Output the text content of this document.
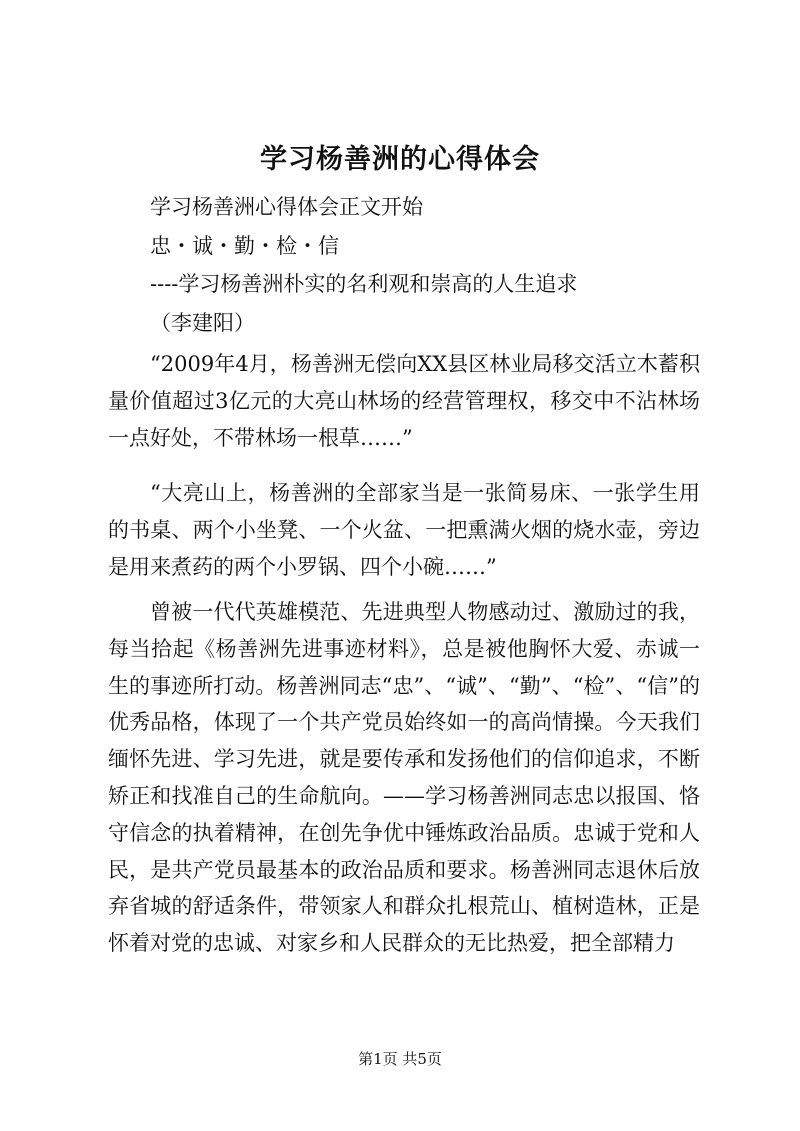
学习杨善洲的心得体会
学习杨善洲心得体会正文开始
忠・诚・勤・检・信
----学习杨善洲朴实的名利观和崇高的人生追求
（李建阳）
“2009年4月，杨善洲无偿向XX县区林业局移交活立木蓄积量价值超过3亿元的大亮山林场的经营管理权，移交中不沾林场一点好处，不带林场一根草……”
“大亮山上，杨善洲的全部家当是一张简易床、一张学生用的书桌、两个小坐凳、一个火盆、一把熏满火烟的烧水壶，旁边是用来煮药的两个小罗锅、四个小碗……”
曾被一代代英雄模范、先进典型人物感动过、激励过的我，每当拾起《杨善洲先进事迹材料》，总是被他胸怀大爱、赤诚一生的事迹所打动。杨善洲同志“忠”、“诚”、“勤”、“检”、“信”的优秀品格，体现了一个共产党员始终如一的高尚情操。今天我们缅怀先进、学习先进，就是要传承和发扬他们的信仰追求，不断矫正和找准自己的生命航向。——学习杨善洲同志忠以报国、恪守信念的执着精神，在创先争优中锤炼政治品质。忠诚于党和人民，是共产党员最基本的政治品质和要求。杨善洲同志退休后放弃省城的舒适条件，带领家人和群众扎根荒山、植树造林，正是怀着对党的忠诚、对家乡和人民群众的无比热爱，把全部精力
第1页 共5页
